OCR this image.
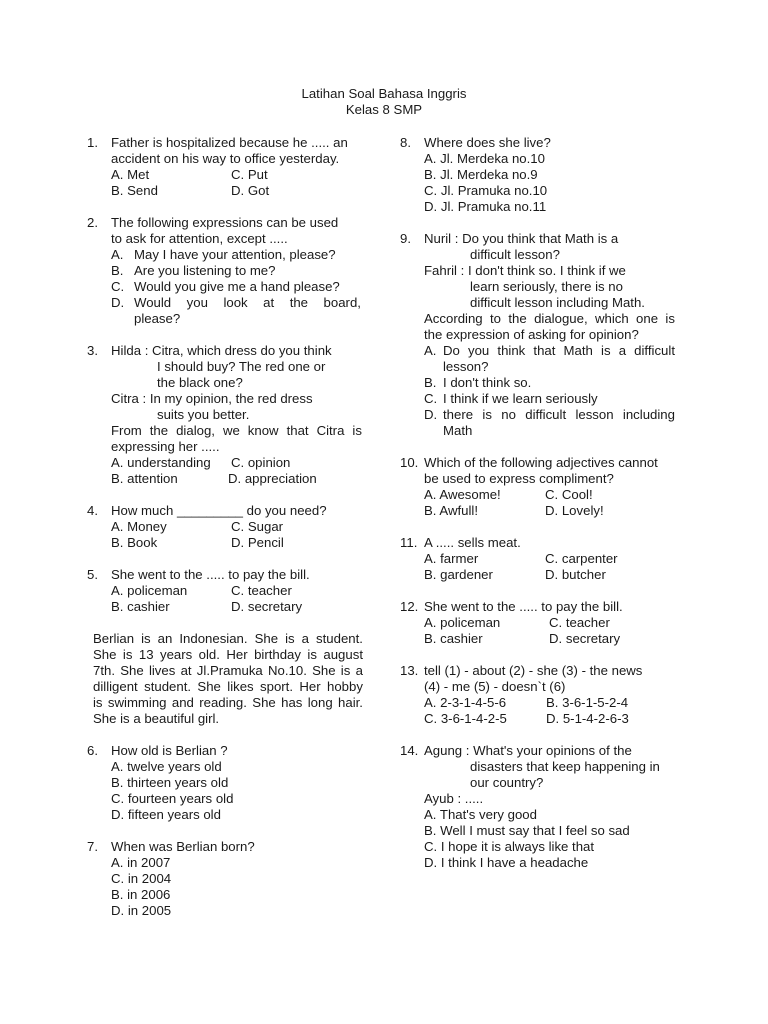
Latihan Soal Bahasa Inggris
Kelas 8 SMP
1. Father is hospitalized because he ..... an
accident on his way to office yesterday.
A. Met	C. Put
B. Send	D. Got
2. The following expressions can be used
to ask for attention, except .....
A. May I have your attention, please?
B. Are you listening to me?
C. Would you give me a hand please?
D. Would you look at the board,
please?
3. Hilda : Citra, which dress do you think
I should buy? The red one or
the black one?
Citra : In my opinion, the red dress
suits you better.
From the dialog, we know that Citra is
expressing her .....
A. understanding C. opinion
B. attention	D. appreciation
4. How much _________ do you need?
A. Money	C. Sugar
B. Book	D. Pencil
5. She went to the ..... to pay the bill.
A. policeman	C. teacher
B. cashier	D. secretary
Berlian is an Indonesian. She is a student.
She is 13 years old. Her birthday is august
7th. She lives at Jl.Pramuka No.10. She is a
dilligent student. She likes sport. Her hobby
is swimming and reading. She has long hair.
She is a beautiful girl.
6. How old is Berlian ?
A. twelve years old
B. thirteen years old
C. fourteen years old
D. fifteen years old
7. When was Berlian born?
A. in 2007
C. in 2004
B. in 2006
D. in 2005
8. Where does she live?
A. Jl. Merdeka no.10
B. Jl. Merdeka no.9
C. Jl. Pramuka no.10
D. Jl. Pramuka no.11
9. Nuril : Do you think that Math is a
difficult lesson?
Fahril : I don't think so. I think if we
learn seriously, there is no
difficult lesson including Math.
According to the dialogue, which one is
the expression of asking for opinion?
A. Do you think that Math is a difficult
lesson?
B. I don't think so.
C. I think if we learn seriously
D. there is no difficult lesson including
Math
10. Which of the following adjectives cannot
be used to express compliment?
A. Awesome!	C. Cool!
B. Awfull!	D. Lovely!
11. A ..... sells meat.
A. farmer	C. carpenter
B. gardener	D. butcher
12. She went to the ..... to pay the bill.
A. policeman	C. teacher
B. cashier	D. secretary
13. tell (1) - about (2) - she (3) - the news
(4) - me (5) - doesn`t (6)
A. 2-3-1-4-5-6	B. 3-6-1-5-2-4
C. 3-6-1-4-2-5	D. 5-1-4-2-6-3
14. Agung : What's your opinions of the
disasters that keep happening in
our country?
Ayub : .....
A. That's very good
B. Well I must say that I feel so sad
C. I hope it is always like that
D. I think I have a headache
